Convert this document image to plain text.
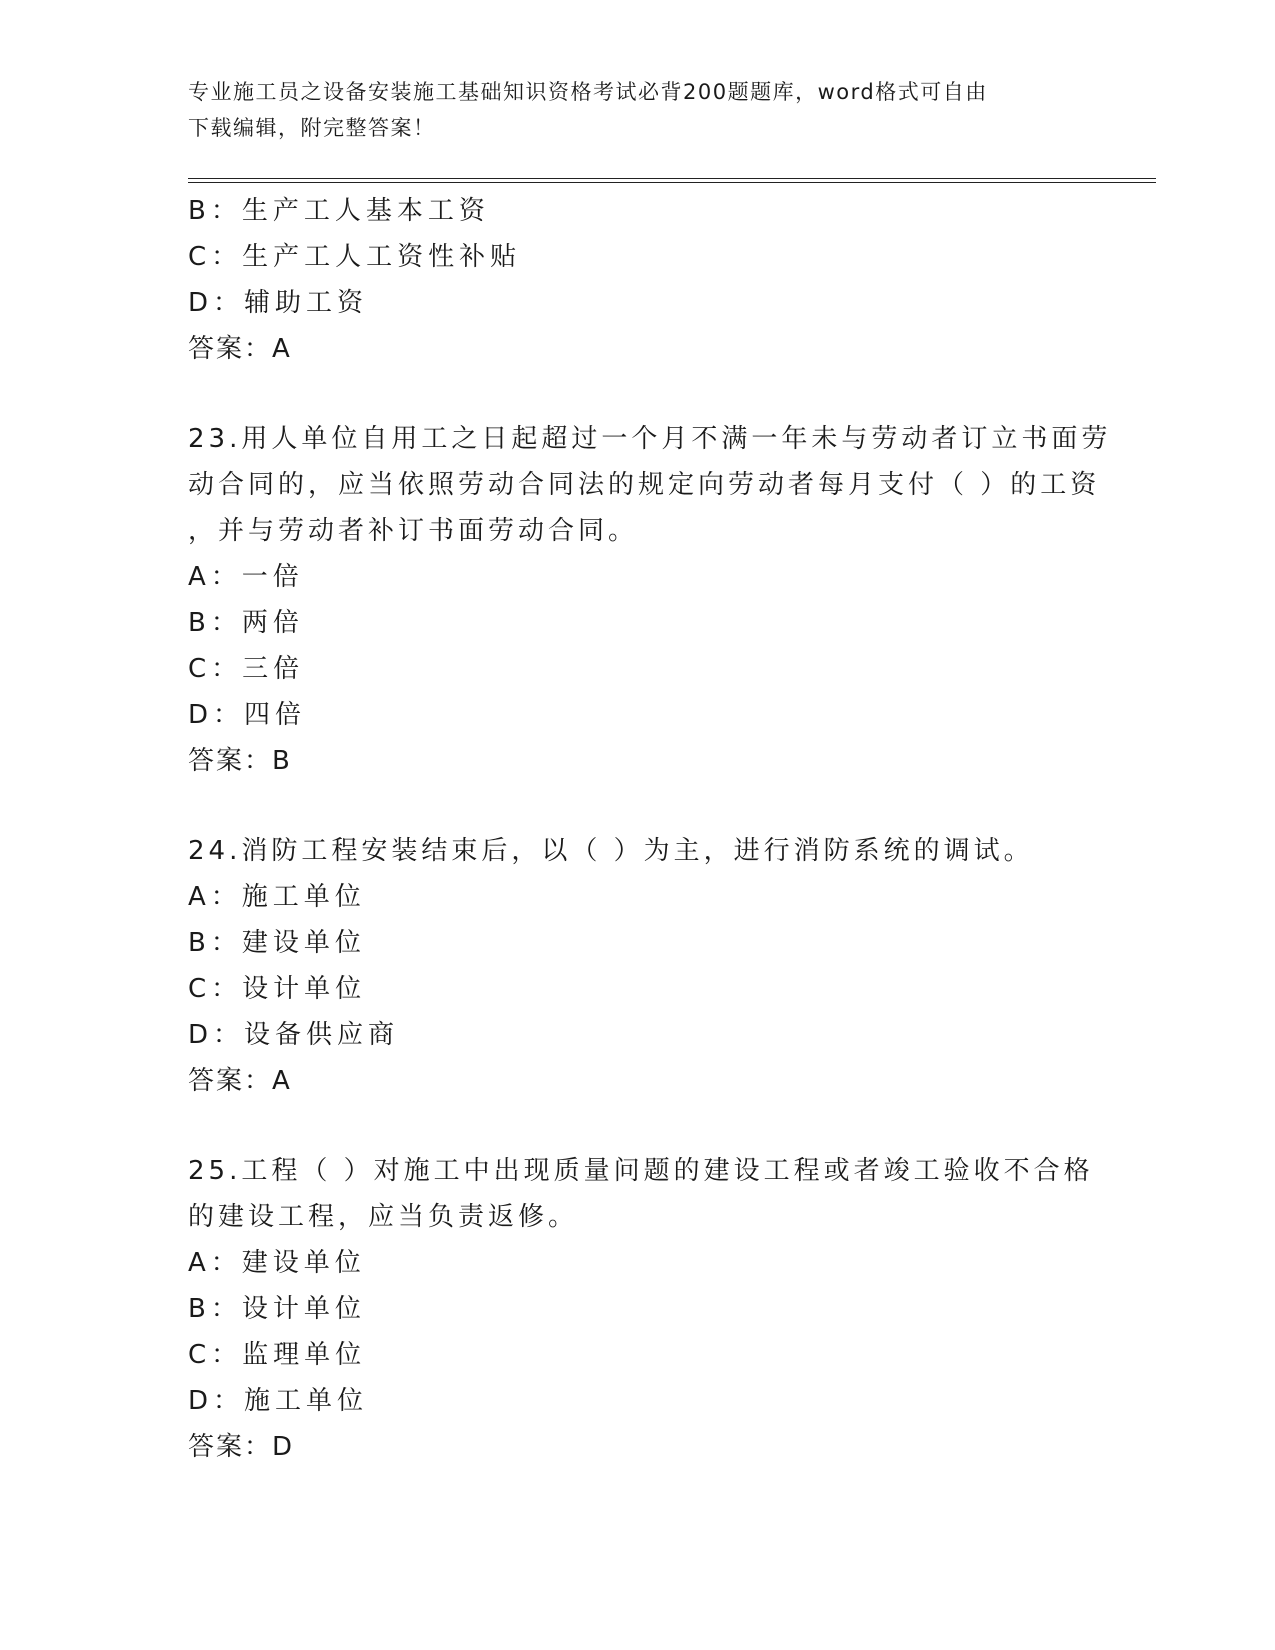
专业施工员之设备安装施工基础知识资格考试必背200题题库，word格式可自由
下载编辑，附完整答案！
B：生产工人基本工资
C：生产工人工资性补贴
D：辅助工资
答案：A
23.用人单位自用工之日起超过一个月不满一年未与劳动者订立书面劳
动合同的，应当依照劳动合同法的规定向劳动者每月支付（ ）的工资
，并与劳动者补订书面劳动合同。
A：一倍
B：两倍
C：三倍
D：四倍
答案：B
24.消防工程安装结束后，以（ ）为主，进行消防系统的调试。
A：施工单位
B：建设单位
C：设计单位
D：设备供应商
答案：A
25.工程（ ）对施工中出现质量问题的建设工程或者竣工验收不合格
的建设工程，应当负责返修。
A：建设单位
B：设计单位
C：监理单位
D：施工单位
答案：D
